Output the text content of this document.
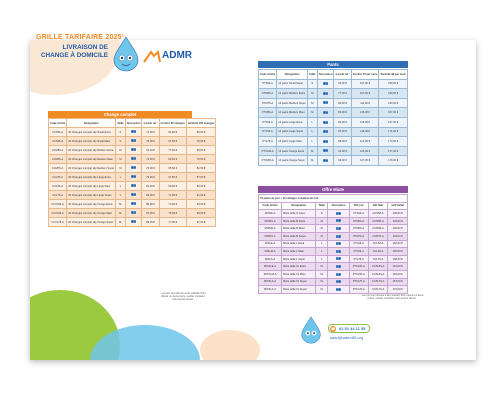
GRILLE TARIFAIRE 2025¹
LIVRAISON DE CHANGE À DOMICILE	ADMR
Change complet
Code Article	Désignation	Taille	Absorption	à partir de ²	Confort 80 changes	Sérénité 100 changes
CCS56-A	20 Changes complet slip Small Extra	S		71,90 €	64,90 €	85,50 €
CCS06-A	20 Changes complet slip Small Maxi	S		76,00 €	67,50 €	75,50 €
CCM56-A	20 Changes complet slip Medium Extra	M		61,20 €	77,40 €	95,80 €
CCM06-A	20 Changes complet slip Medium Maxi	M		74,00 €	69,50 €	79,50 €
CCM76-A	20 Changes complet slip Medium Super	M		74,00 €	65,50 €	81,50 €
CCL56-A	20 Changes complet slip Large Extra	L		79,00 €	67,50 €	87,50 €
CCL06-A	20 Changes complet slip Large Maxi	L		81,00 €	69,00 €	89,00 €
CCL76-A	20 Changes complet slip Large Super	L		83,00 €	71,00 €	91,00 €
CCXL56-A	20 Changes complet slip XLarge Extra	XL		85,00 €	73,00 €	93,00 €
CCXL06-A	20 Changes complet slip XLarge Maxi	XL		87,00 €	75,00 €	95,00 €
CCXL76-A	20 Changes complet slip XLarge Super	XL		89,00 €	77,00 €	97,00 €
¹ Les prix sont donnés à titre indicatif. Pour obtenir un devis précis, veuillez contacter notre service clients.
Pants
Code Article	Désignation	Taille	Absorption	à partir de ²	Confort 70 par mois	Sérénité 98 par mois
PTS06-A	14 pants Small Super	S		60,00 €	107,00 €	159,00 €
PTM06-A	14 pants Medium Extra	M		77,00 €	107,00 €	159,00 €
PTM76-A	14 pants Medium Super	M		80,00 €	111,00 €	163,00 €
PTM56-A	14 pants Medium Maxi	M		84,00 €	115,00 €	167,00 €
PTL06-A	14 pants Large Extra	L		84,00 €	115,00 €	167,00 €
PTL56-A	14 pants Large Super	L		87,00 €	119,00 €	171,00 €
PTL76-A	14 pants Large Maxi	L		89,00 €	121,00 €	173,00 €
PTXL06-A	14 pants XLarge Extra	XL		91,00 €	125,00 €	177,00 €
PTXL56-A	14 pants XLarge Super	XL		93,00 €	127,00 €	179,00 €
Offre Mixte
70 pants de jour + 40 changes complets de nuit						
Code Article	Désignation	Taille	Absorption	Réf jour	Réf Nuit	tarif Initial
MIXSE-A	Mixte taille S Super	S		PTS06-A	CCS56-A	148,00 €
MIXMS-A	Mixte taille M Extra	M		PTM06-A	CCM56-A	143,00 €
MIXM0-A	Mixte taille M Maxi	M		PTM06-A	CCM06-A	146,00 €
MIXM7-A	Mixte taille M Super	M		PTM76-A	CCM76-A	149,00 €
MIXLE-A	Mixte taille L Extra	L		PTL06-A	CCL56-A	152,00 €
MIXLM-A	Mixte taille L Maxi	L		PTL56-A	CCL06-A	155,00 €
MIXLS-A	Mixte taille L Super	L		PTL76-A	CCL76-A	158,00 €
MIXXLE-A	Mixte taille XL Extra	XL		PTXL06-A	CCXL56-A	161,00 €
MIXXLM-A	Mixte taille XL Maxi	XL		PTXL56-A	CCXL06-A	164,00 €
MIXXLS-A	Mixte taille XL Super	XL		PTXL76-A	CCXL76-A	167,00 €
MIXXLX-A	Mixte taille XL Super	XL		PTXL76-A	CCXL76-A	170,00 €
¹ Les prix sont donnés à titre indicatif. Pour obtenir un devis précis, veuillez contacter notre service clients.
☎ 02 51 44 11 55
saad@admr85.org
